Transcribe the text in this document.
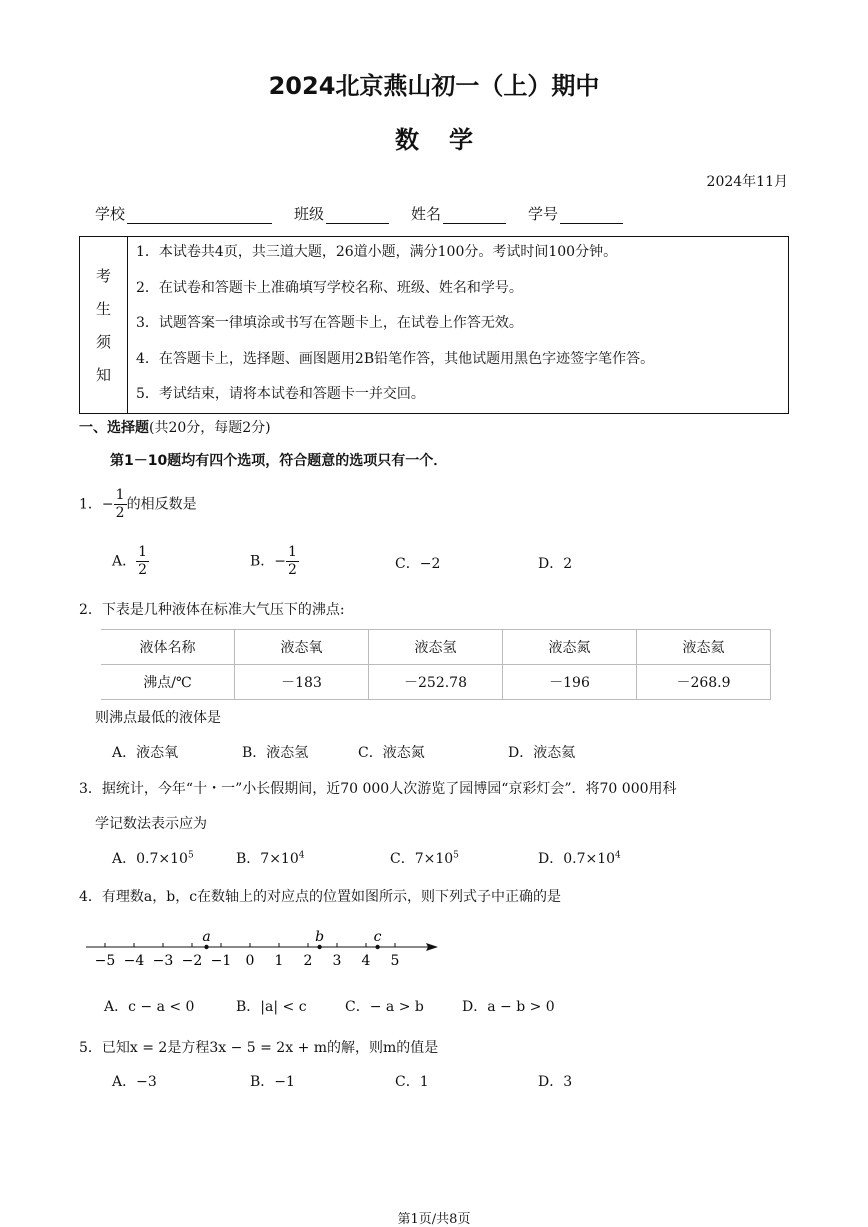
2024北京燕山初一（上）期中
数学
2024年11月
学校	班级	姓名	学号
考
生
须
知
1．本试卷共4页，共三道大题，26道小题，满分100分。考试时间100分钟。
2．在试卷和答题卡上准确填写学校名称、班级、姓名和学号。
3．试题答案一律填涂或书写在答题卡上，在试卷上作答无效。
4．在答题卡上，选择题、画图题用2B铅笔作答，其他试题用黑色字迹签字笔作答。
5．考试结束，请将本试卷和答题卡一并交回。
一、选择题(共20分，每题2分)
第1－10题均有四个选项，符合题意的选项只有一个．
1．− $\frac{1}{2}$ 的相反数是
A． $\frac{1}{2}$	B．− $\frac{1}{2}$	C．−2	D．2
2．下表是几种液体在标准大气压下的沸点:
液体名称	液态氧	液态氢	液态氮	液态氦
沸点/℃	－183	－252.78	－196	－268.9
则沸点最低的液体是
A．液态氧	B．液态氢	C．液态氮	D．液态氦
3．据统计，今年“十・一”小长假期间，近70 000人次游览了园博园“京彩灯会”．将70 000用科
学记数法表示应为
A．$0.7\times 10^5$	B．$7\times 10^4$	C．$7\times 10^5$	D．$0.7\times 10^4$
4．有理数a，b，c在数轴上的对应点的位置如图所示，则下列式子中正确的是
−5 −4 −3 −2 −1 0 1 2 3 4 5
a	b	c
A．c − a < 0	B．|a| < c	C．− a > b	D．a − b > 0
5．已知x = 2是方程3x − 5 = 2x + m的解，则m的值是
A．−3	B．−1	C．1	D．3
第1页/共8页
